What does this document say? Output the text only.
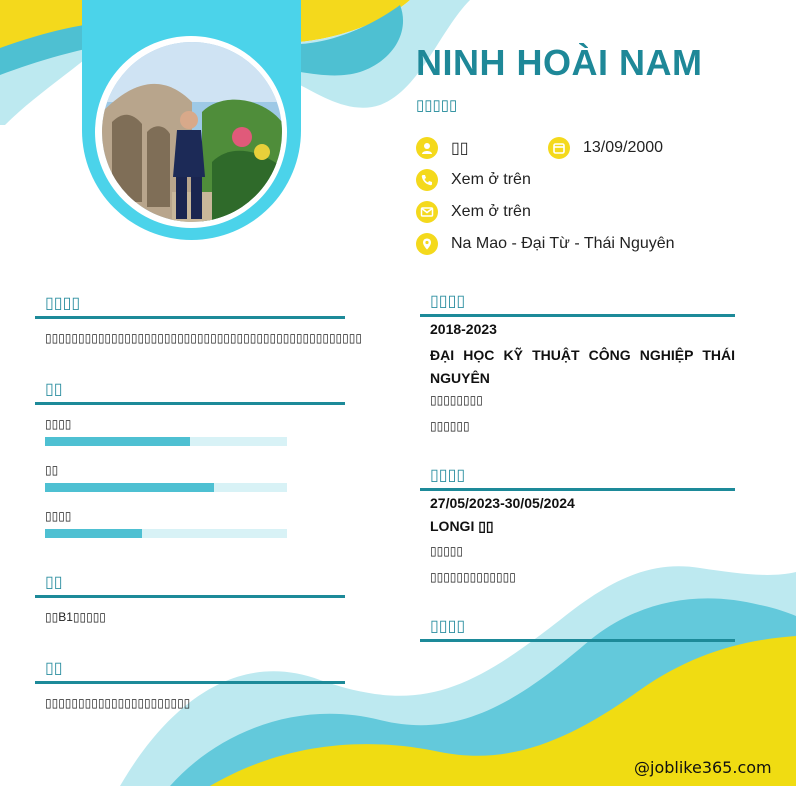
NINH HOÀI NAM
▯▯▯▯▯
▯▯	13/09/2000
Xem ở trên
Xem ở trên
Na Mao - Đại Từ - Thái Nguyên
▯▯▯▯
▯▯▯▯▯▯▯▯▯▯▯▯▯▯▯▯▯▯▯▯▯▯▯▯▯▯▯▯▯▯▯▯▯▯▯▯▯▯▯▯▯▯▯▯▯▯▯▯
▯▯
▯▯▯▯
▯▯
▯▯▯▯
▯▯
▯▯B1▯▯▯▯▯
▯▯
▯▯▯▯▯▯▯▯▯▯▯▯▯▯▯▯▯▯▯▯▯▯
▯▯▯▯
2018-2023
ĐẠI HỌC KỸ THUẬT CÔNG NGHIỆP THÁI NGUYÊN
▯▯▯▯▯▯▯▯
▯▯▯▯▯▯
▯▯▯▯
27/05/2023-30/05/2024
LONGI ▯▯
▯▯▯▯▯
▯▯▯▯▯▯▯▯▯▯▯▯▯
▯▯▯▯
@joblike365.com
